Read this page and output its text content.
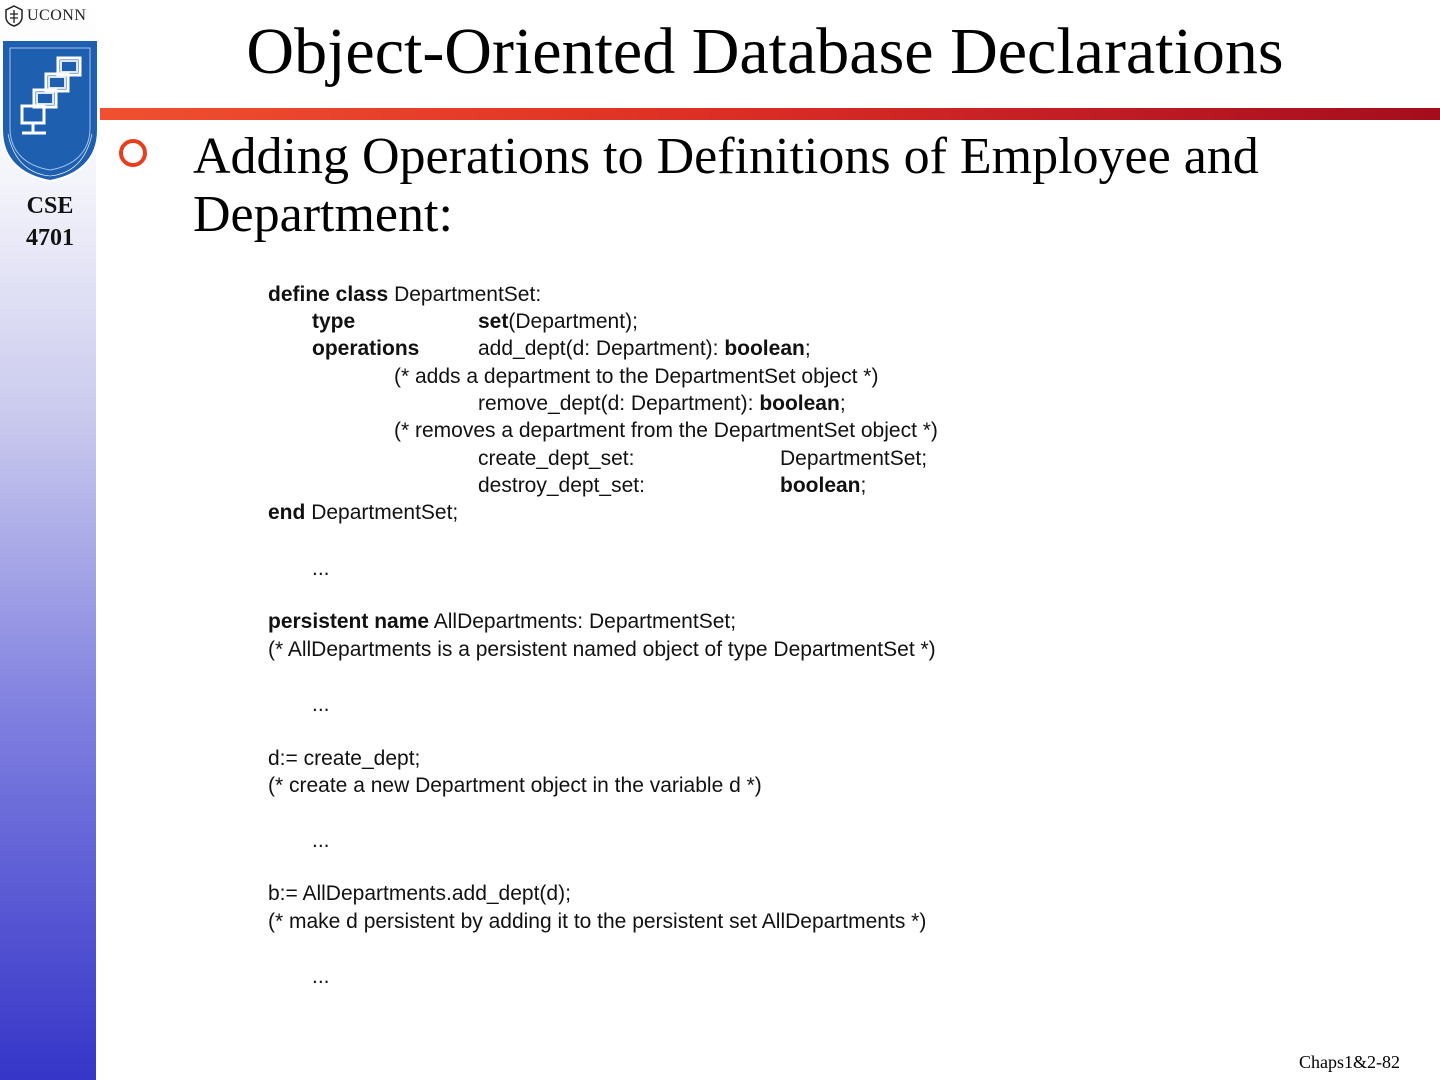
UCONN
CSE
4701
Object-Oriented Database Declarations
Adding Operations to Definitions of Employee and Department:
define class DepartmentSet:
type	set(Department);
operations	add_dept(d: Department): boolean;
(* adds a department to the DepartmentSet object *)
remove_dept(d: Department): boolean;
(* removes a department from the DepartmentSet object *)
create_dept_set:	DepartmentSet;
destroy_dept_set:	boolean;
end DepartmentSet;
...
persistent name AllDepartments: DepartmentSet;
(* AllDepartments is a persistent named object of type DepartmentSet *)
...
d:= create_dept;
(* create a new Department object in the variable d *)
...
b:= AllDepartments.add_dept(d);
(* make d persistent by adding it to the persistent set AllDepartments *)
...
Chaps1&2-82
